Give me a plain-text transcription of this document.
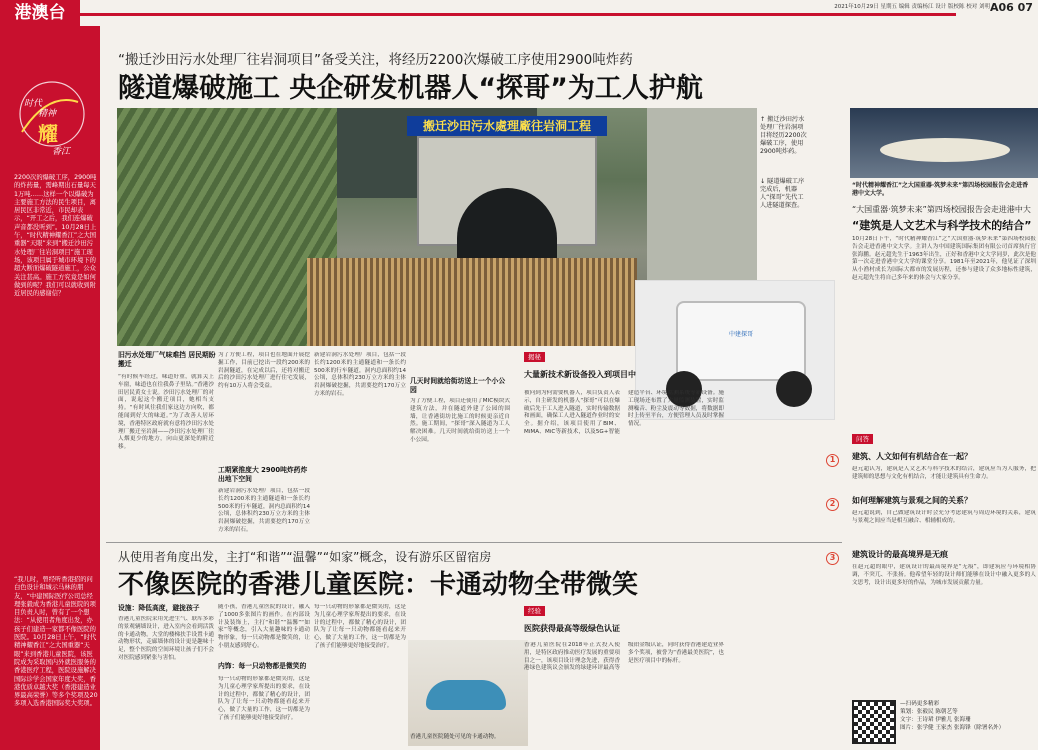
港澳台	2021年10月29日 星期五 编辑 责编杨江 设计 版校陈 校对 刘明 A06 07
时代
精神
耀
香江
2200次的爆破工序，2900吨的炸药量，需峰期出石量每天1万吨……这样一个以爆破为主要施工方法的民生项目，离居民区非常近，市民却表示，“开工之后，我们连爆破声音都没听到”。10月28日上午，“时代精神耀香江”之大国重器“天眼”来到“搬迁沙田污水处理厂往岩洞项目”施工现场，该项目属于城市环境下的超大断面爆破隧道施工，公众关注甚高。施工方究竟是如何做到的呢？我们可以就收到附近居民的感谢信？
“我儿时，曾经听香港招的问白色设计和城示马林的朋友，“中建国际医疗公司总经理张毅成为香港儿童医院的项目负责人时，曾有了一个想法：“从使用者角度出发，办孩子们建造一家都不像医院的医院。10月28日上午，“时代精神耀香江”之大国重器“天眼”来到香港儿童医院，该医院成为采取国内外就医服务的香港医疗工程，医院设施解决国际诊学会国家年度大奖，香港优质卓越大奖（香港建造业界最高荣誉）等多个奖项及20多项入选香港国际奖大奖项。
“搬迁沙田污水处理厂往岩洞项目”备受关注，将经历2200次爆破工序使用2900吨炸药
隧道爆破施工 央企研发机器人“探哥”为工人护航
搬迁沙田污水處理廠往岩洞工程	↑ 搬迁沙田污水处理厂往岩洞项目将经历2200次爆破工序，使用2900吨炸药。
↓ 隧道爆破工序完成后，机器人“探哥”先代工人进隧道探查。
中建探哥
旧污水处理厂气味难挡 居民期盼搬迁
“有时候车经过，味道好重，就算关上车窗，味道也在往我鼻子里钻。”香港沙田居民黄女士说。沙田污水处理厂的对面，说起这个搬迁项目，她相当支持。“有时风往我们家这边方向吹，都能闻到好大的味道。”为了改善人居环境，香港特区政府就有意将沙田污水处理厂搬迁至岩洞——沙田污水处理厂往人烟更少的地方，向山更深处的附近移。
为了方便工程，项目也在地面开展挖掘工作，目前已挖出一段约200米的岩洞隧道，在完成以后，还将对搬迁后的沙田污水处理厂进行住宅发展，约有10万人将会受益。
工期紧推度大 2900吨炸药炸出地下空间
新建岩洞污水处理厂项目，包括一段长约1200米的主通隧道和一条长约500米的行车隧道，洞内总面积约14公顷，总体积约230万立方米的主体岩洞爆破挖掘，共需要挖约170万立方米的岩石。
新建岩洞污水处理厂项目，包括一段长约1200米的主通隧道和一条长约500米的行车隧道，洞内总面积约14公顷，总体积约230万立方米的主体岩洞爆破挖掘，共需要挖约170万立方米的岩石。
几天时间就给街坊送上一个小公园
为了方便工程，项目还使用了MIC模块式建筑方法，并在隧道外建了公园的围墙，让香港街坊比施工的时候更亲近自然。施工期间，“探哥”深入隧道为工人解决困难。几天时间就给街坊送上一个小公园。
揭秘
大量新技术新设备投入到项目中
被问到为何需要机器人，项目负责人表示，自主研发的机器人“探哥”可以在爆破后先于工人进入隧道，实时传输数据和画面，确保工人进入隧道作业时的安全。据介绍，该项目使用了BIM、MiMA、MiC等新技术，以及5G+智能建造平台、环境监测系统等新设备。施工现场还布置了大量监测装置，实时监测噪音、粉尘及震动等数据，将数据即时上传至平台，方便管理人员及时掌握情况。
从使用者角度出发，主打“和谐”“温馨”“如家”概念，设有游乐区留宿房
不像医院的香港儿童医院：卡通动物全带微笑
设施：降低高度，避拢孩子
香港儿童医院采用先进生气、联库多彩的景观辆墙设计，进入室内会看到活泼的卡通动物。大堂的楼梯扶手设置卡通动物形状，走廊墙体的设计更是趣味十足，整个医院的空间环境让孩子们不会对医院感到紧张与害怕。
随小孩，香港儿童医院的设计，融入了1000多张图片的画作。在内部设计及装饰上，主打“和谐”“温馨”“如家”等概念，引入大量趣味的卡通动物形象，每一只动物都是微笑的，让小朋友感到舒心。
内饰：每一只动物都是微笑的
每一只动物的形象都是微笑的，这是为儿童心理学家所提出的要求，在设计的过程中，都做了精心的设计，团队为了让每一只动物都能看起来开心，做了大量的工作，这一切都是为了孩子们能够更好地接受治疗。
每一只动物的形象都是微笑的，这是为儿童心理学家所提出的要求，在设计的过程中，都做了精心的设计，团队为了让每一只动物都能看起来开心，做了大量的工作，这一切都是为了孩子们能够更好地接受治疗。
香港儿童医院随处可见的卡通动物。
经验
医院获得最高等级绿色认证
香港儿童医院在2018年正式投入使用，是特区政府推动医疗发展的重要项目之一，该项目设计理念先进，获得香港绿色建筑议会颁发的绿建环评最高等级铂金级认证，同时获得香港建造业界多个奖项，被誉为“香港最美医院”，也是医疗项目中的标杆。
“时代精神耀香江”之大国重器·筑梦未来”第四场校园报告会走进香港中文大学。
“大国重器·筑梦未来”第四场校园报告会走进港中大
“建筑是人文艺术与科学技术的结合”
10月28日下午，“时代精神耀香江”之“大国重器·筑梦未来”第四场校园报告会走进香港中文大学。主讲人为中国建筑国际集团有限公司首席执行官张海鹏。赵元超先生于1963年出生，正好和香港中文大学同岁，此次是他第一次走进香港中文大学的课堂分享。1981年至2021年，他见证了深圳从小渔村成长为国际大都市的发展历程，还参与建设了众多地标性建筑，赵元超先生将自己多年来的体会与大家分享。
问答
1	建筑、人文如何有机结合在一起？
赵元超认为，建筑是人文艺术与科学技术的结合，建筑应当为人服务，把建筑师的思想与文化有机结合，才能让建筑具有生命力。
2	如何理解建筑与景观之间的关系？
赵元超说到，自己做建筑设计时会充分考虑建筑与周边环境的关系，建筑与景观之间应当是相互融合、相辅相成的。
3	建筑设计的最高境界是无痕
在赵元超的眼中，建筑设计的最高境界是“无痕”，即建筑应与环境相协调，不突兀、不张扬。他希望年轻的设计师们能够在设计中融入更多的人文思考，设计出更多好的作品，为城市发展贡献力量。
—扫码更多精彩
策划：张毅民 陈朝艺等
文字：王诗珺 伊雅儿 张海珊
图片：张学健 王家杰 张海锋（除署名外）
